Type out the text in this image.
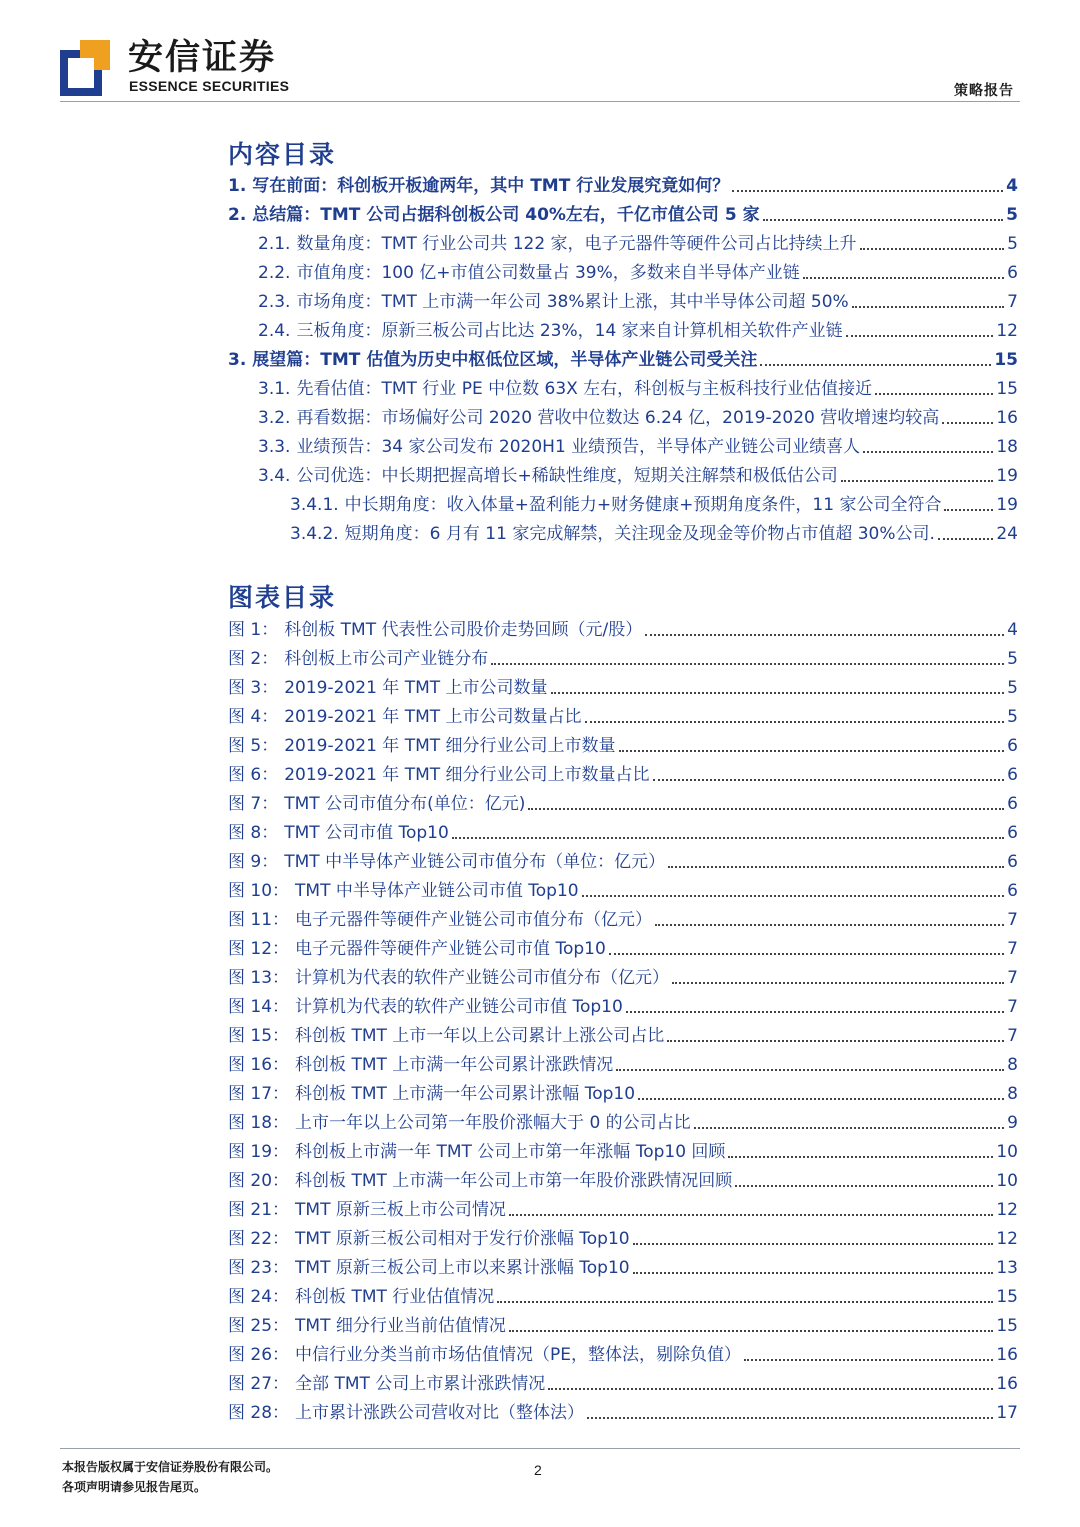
安信证券
ESSENCE SECURITIES	策略报告
内容目录
1. 写在前面：科创板开板逾两年，其中 TMT 行业发展究竟如何？	4
2. 总结篇：TMT 公司占据科创板公司 40%左右，千亿市值公司 5 家	5
2.1. 数量角度：TMT 行业公司共 122 家，电子元器件等硬件公司占比持续上升	5
2.2. 市值角度：100 亿+市值公司数量占 39%，多数来自半导体产业链	6
2.3. 市场角度：TMT 上市满一年公司 38%累计上涨，其中半导体公司超 50%	7
2.4. 三板角度：原新三板公司占比达 23%，14 家来自计算机相关软件产业链	12
3. 展望篇：TMT 估值为历史中枢低位区域，半导体产业链公司受关注	15
3.1. 先看估值：TMT 行业 PE 中位数 63X 左右，科创板与主板科技行业估值接近	15
3.2. 再看数据：市场偏好公司 2020 营收中位数达 6.24 亿，2019-2020 营收增速均较高	16
3.3. 业绩预告：34 家公司发布 2020H1 业绩预告，半导体产业链公司业绩喜人	18
3.4. 公司优选：中长期把握高增长+稀缺性维度，短期关注解禁和极低估公司	19
3.4.1. 中长期角度：收入体量+盈利能力+财务健康+预期角度条件，11 家公司全符合	19
3.4.2. 短期角度：6 月有 11 家完成解禁，关注现金及现金等价物占市值超 30%公司.	24
图表目录
图 1： 科创板 TMT 代表性公司股价走势回顾（元/股）	4
图 2： 科创板上市公司产业链分布	5
图 3： 2019-2021 年 TMT 上市公司数量	5
图 4： 2019-2021 年 TMT 上市公司数量占比	5
图 5： 2019-2021 年 TMT 细分行业公司上市数量	6
图 6： 2019-2021 年 TMT 细分行业公司上市数量占比	6
图 7： TMT 公司市值分布(单位：亿元)	6
图 8： TMT 公司市值 Top10	6
图 9： TMT 中半导体产业链公司市值分布（单位：亿元）	6
图 10： TMT 中半导体产业链公司市值 Top10	6
图 11： 电子元器件等硬件产业链公司市值分布（亿元）	7
图 12： 电子元器件等硬件产业链公司市值 Top10	7
图 13： 计算机为代表的软件产业链公司市值分布（亿元）	7
图 14： 计算机为代表的软件产业链公司市值 Top10	7
图 15： 科创板 TMT 上市一年以上公司累计上涨公司占比	7
图 16： 科创板 TMT 上市满一年公司累计涨跌情况	8
图 17： 科创板 TMT 上市满一年公司累计涨幅 Top10	8
图 18： 上市一年以上公司第一年股价涨幅大于 0 的公司占比	9
图 19： 科创板上市满一年 TMT 公司上市第一年涨幅 Top10 回顾	10
图 20： 科创板 TMT 上市满一年公司上市第一年股价涨跌情况回顾	10
图 21： TMT 原新三板上市公司情况	12
图 22： TMT 原新三板公司相对于发行价涨幅 Top10	12
图 23： TMT 原新三板公司上市以来累计涨幅 Top10	13
图 24： 科创板 TMT 行业估值情况	15
图 25： TMT 细分行业当前估值情况	15
图 26： 中信行业分类当前市场估值情况（PE，整体法，剔除负值）	16
图 27： 全部 TMT 公司上市累计涨跌情况	16
图 28： 上市累计涨跌公司营收对比（整体法）	17
本报告版权属于安信证券股份有限公司。
各项声明请参见报告尾页。
2
